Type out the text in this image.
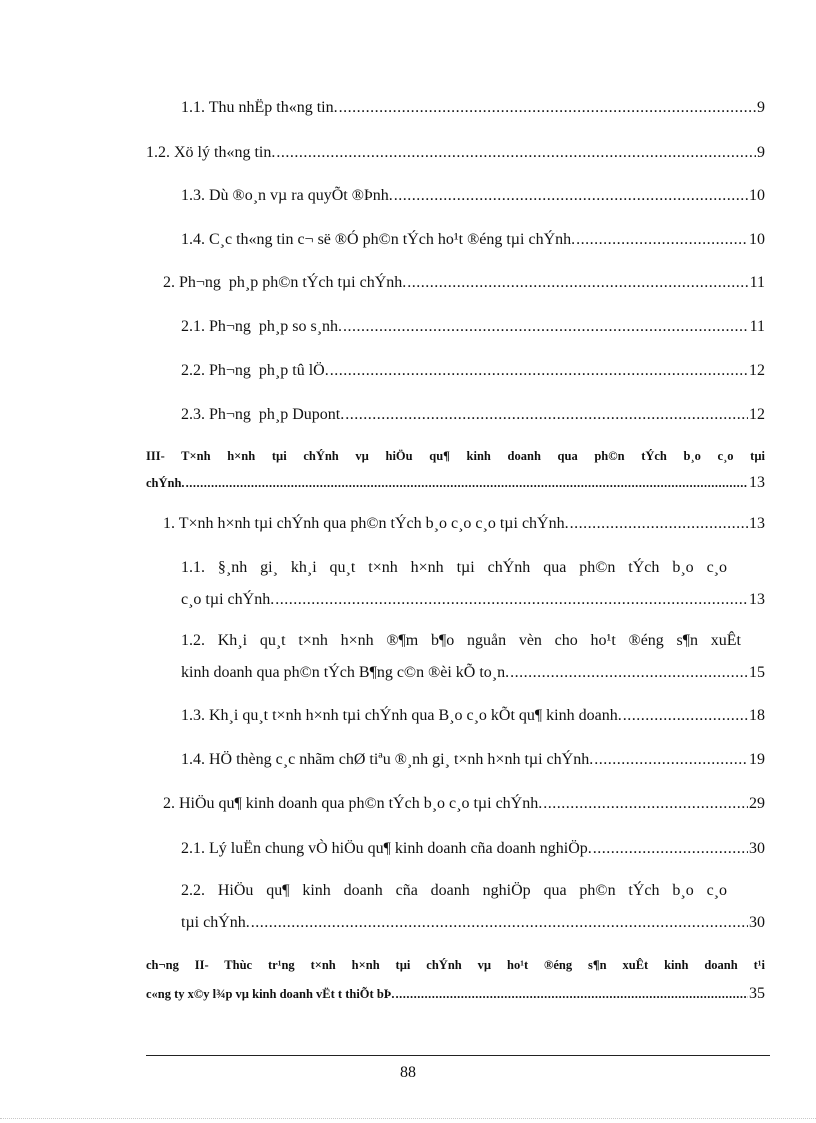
1.1. Thu nhËp th«ng tin. .....	9
1.2. Xö lý th«ng tin. .....	9
1.3. Dù ®o¸n vµ ra quyÕt ®Þnh. .....	10
1.4. C¸c th«ng tin c¬ së ®Ó ph©n tÝch ho¹t ®éng tµi chÝnh. .....	10
2. Ph¬ng  ph¸p ph©n tÝch tµi chÝnh. .....	11
2.1. Ph¬ng  ph¸p so s¸nh. .....	11
2.2. Ph¬ng  ph¸p tû lÖ. .....	12
2.3. Ph¬ng  ph¸p Dupont. .....	12
III- T×nh h×nh tµi chÝnh vµ hiÖu qu¶ kinh doanh qua ph©n tÝch b¸o c¸o tµi
chÝnh. .....	13
1. T×nh h×nh tµi chÝnh qua ph©n tÝch b¸o c¸o c¸o tµi chÝnh. .....	13
1.1. §¸nh gi¸ kh¸i qu¸t t×nh h×nh tµi chÝnh qua ph©n tÝch b¸o c¸o
c¸o tµi chÝnh. .....	13
1.2. Kh¸i qu¸t t×nh h×nh ®¶m b¶o nguån vèn cho ho¹t ®éng s¶n xuÊt
kinh doanh qua ph©n tÝch B¶ng c©n ®èi kÕ to¸n. .....	15
1.3. Kh¸i qu¸t t×nh h×nh tµi chÝnh qua B¸o c¸o kÕt qu¶ kinh doanh. .....	18
1.4. HÖ thèng c¸c nhãm chØ tiªu ®¸nh gi¸ t×nh h×nh tµi chÝnh. .....	19
2. HiÖu qu¶ kinh doanh qua ph©n tÝch b¸o c¸o tµi chÝnh. .....	29
2.1. Lý luËn chung vÒ hiÖu qu¶ kinh doanh cña doanh nghiÖp. .....	30
2.2. HiÖu qu¶ kinh doanh cña doanh nghiÖp qua ph©n tÝch b¸o c¸o
tµi chÝnh. .....	30
ch¬ng II- Thùc tr¹ng t×nh h×nh tµi chÝnh vµ ho¹t ®éng s¶n xuÊt kinh doanh t¹i
c«ng ty x©y l¾p vµ kinh doanh vËt t thiÕt bÞ. .....	35
88
